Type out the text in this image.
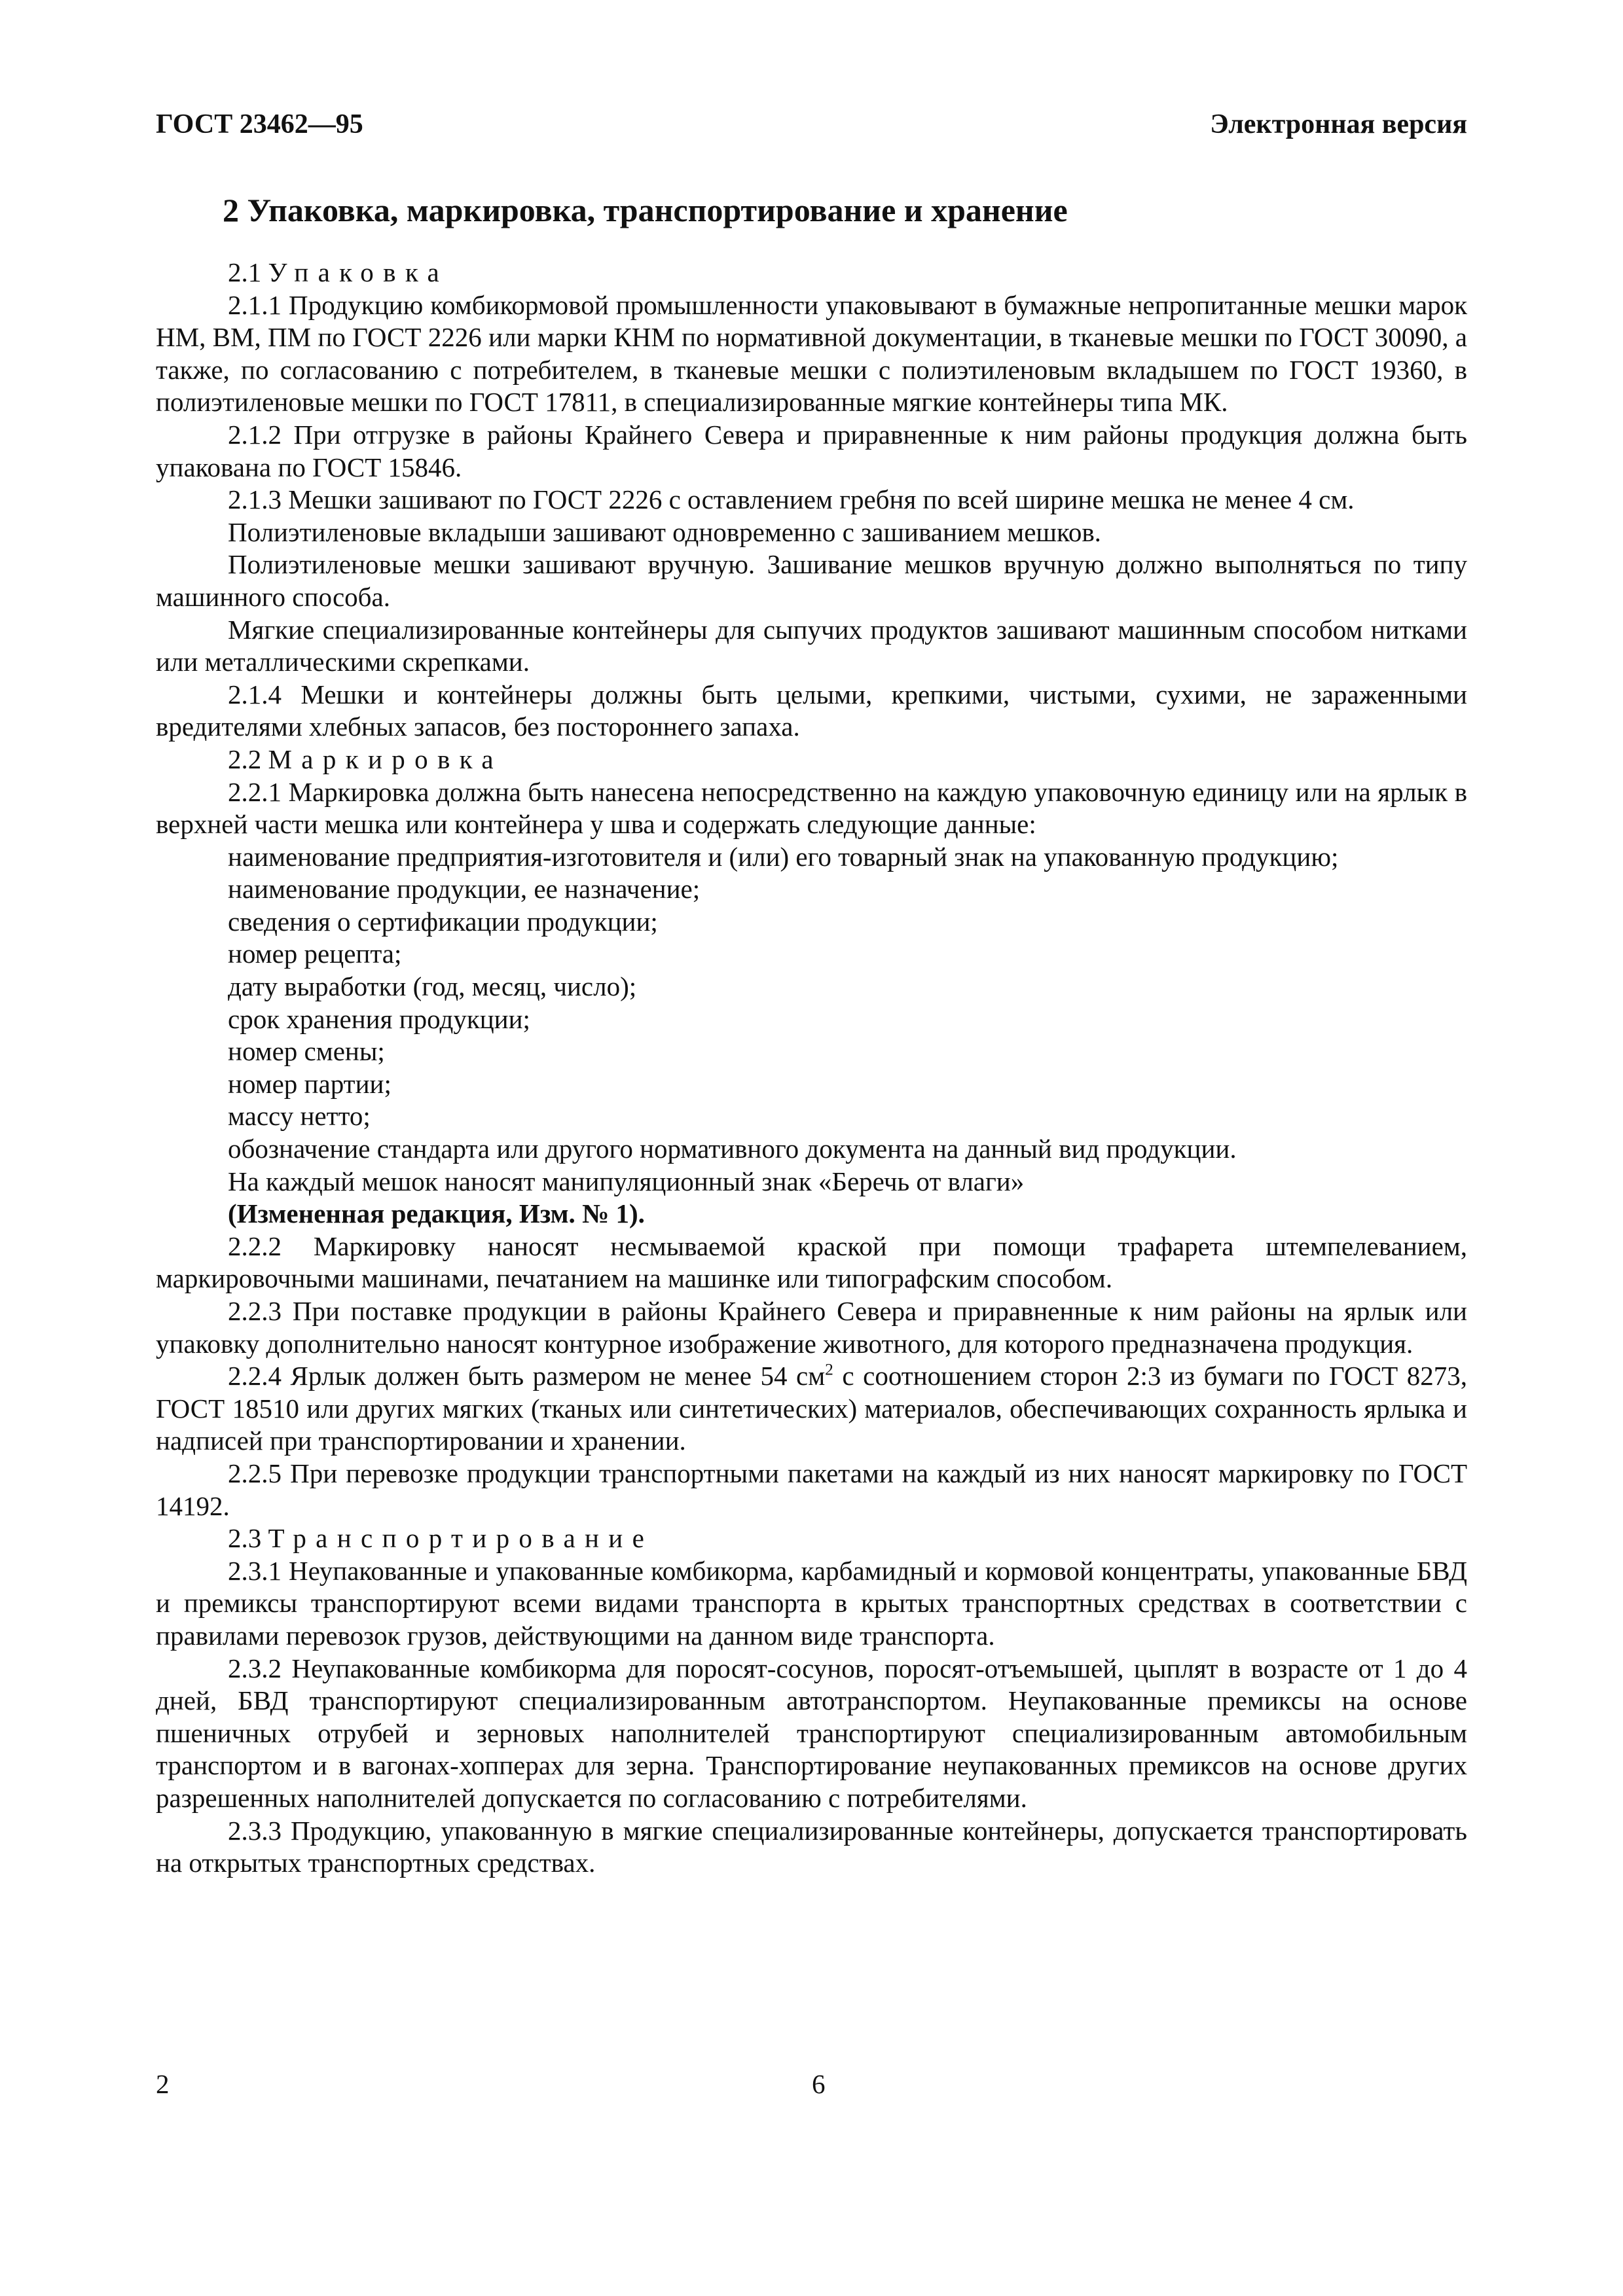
ГОСТ 23462—95	Электронная версия
2 Упаковка, маркировка, транспортирование и хранение

2.1 Упаковка

2.1.1 Продукцию комбикормовой промышленности упаковывают в бумажные непропитанные мешки марок НМ, ВМ, ПМ по ГОСТ 2226 или марки КНМ по нормативной документации, в тканевые мешки по ГОСТ 30090, а также, по согласованию с потребителем, в тканевые мешки с полиэтиленовым вкладышем по ГОСТ 19360, в полиэтиленовые мешки по ГОСТ 17811, в специализированные мягкие контейнеры типа МК.

2.1.2 При отгрузке в районы Крайнего Севера и приравненные к ним районы продукция должна быть упакована по ГОСТ 15846.

2.1.3 Мешки зашивают по ГОСТ 2226 с оставлением гребня по всей ширине мешка не менее 4 см.

Полиэтиленовые вкладыши зашивают одновременно с зашиванием мешков.

Полиэтиленовые мешки зашивают вручную. Зашивание мешков вручную должно выполняться по типу машинного способа.

Мягкие специализированные контейнеры для сыпучих продуктов зашивают машинным способом нитками или металлическими скрепками.

2.1.4 Мешки и контейнеры должны быть целыми, крепкими, чистыми, сухими, не зараженными вредителями хлебных запасов, без постороннего запаха.

2.2 Маркировка

2.2.1 Маркировка должна быть нанесена непосредственно на каждую упаковочную единицу или на ярлык в верхней части мешка или контейнера у шва и содержать следующие данные:

наименование предприятия-изготовителя и (или) его товарный знак на упакованную продукцию;

наименование продукции, ее назначение;

сведения о сертификации продукции;

номер рецепта;

дату выработки (год, месяц, число);

срок хранения продукции;

номер смены;

номер партии;

массу нетто;

обозначение стандарта или другого нормативного документа на данный вид продукции.

На каждый мешок наносят манипуляционный знак «Беречь от влаги»

(Измененная редакция, Изм. № 1).

2.2.2 Маркировку наносят несмываемой краской при помощи трафарета штемпелеванием, маркировочными машинами, печатанием на машинке или типографским способом.

2.2.3 При поставке продукции в районы Крайнего Севера и приравненные к ним районы на ярлык или упаковку дополнительно наносят контурное изображение животного, для которого предназначена продукция.

2.2.4 Ярлык должен быть размером не менее 54 $см^2$ с соотношением сторон 2:3 из бумаги по ГОСТ 8273, ГОСТ 18510 или других мягких (тканых или синтетических) материалов, обеспечивающих сохранность ярлыка и надписей при транспортировании и хранении.

2.2.5 При перевозке продукции транспортными пакетами на каждый из них наносят маркировку по ГОСТ 14192.

2.3 Транспортирование

2.3.1 Неупакованные и упакованные комбикорма, карбамидный и кормовой концентраты, упакованные БВД и премиксы транспортируют всеми видами транспорта в крытых транспортных средствах в соответствии с правилами перевозок грузов, действующими на данном виде транспорта.

2.3.2 Неупакованные комбикорма для поросят-сосунов, поросят-отъемышей, цыплят в возрасте от 1 до 4 дней, БВД транспортируют специализированным автотранспортом. Неупакованные премиксы на основе пшеничных отрубей и зерновых наполнителей транспортируют специализированным автомобильным транспортом и в вагонах-хопперах для зерна. Транспортирование неупакованных премиксов на основе других разрешенных наполнителей допускается по согласованию с потребителями.

2.3.3 Продукцию, упакованную в мягкие специализированные контейнеры, допускается транспортировать на открытых транспортных средствах.

2	6
